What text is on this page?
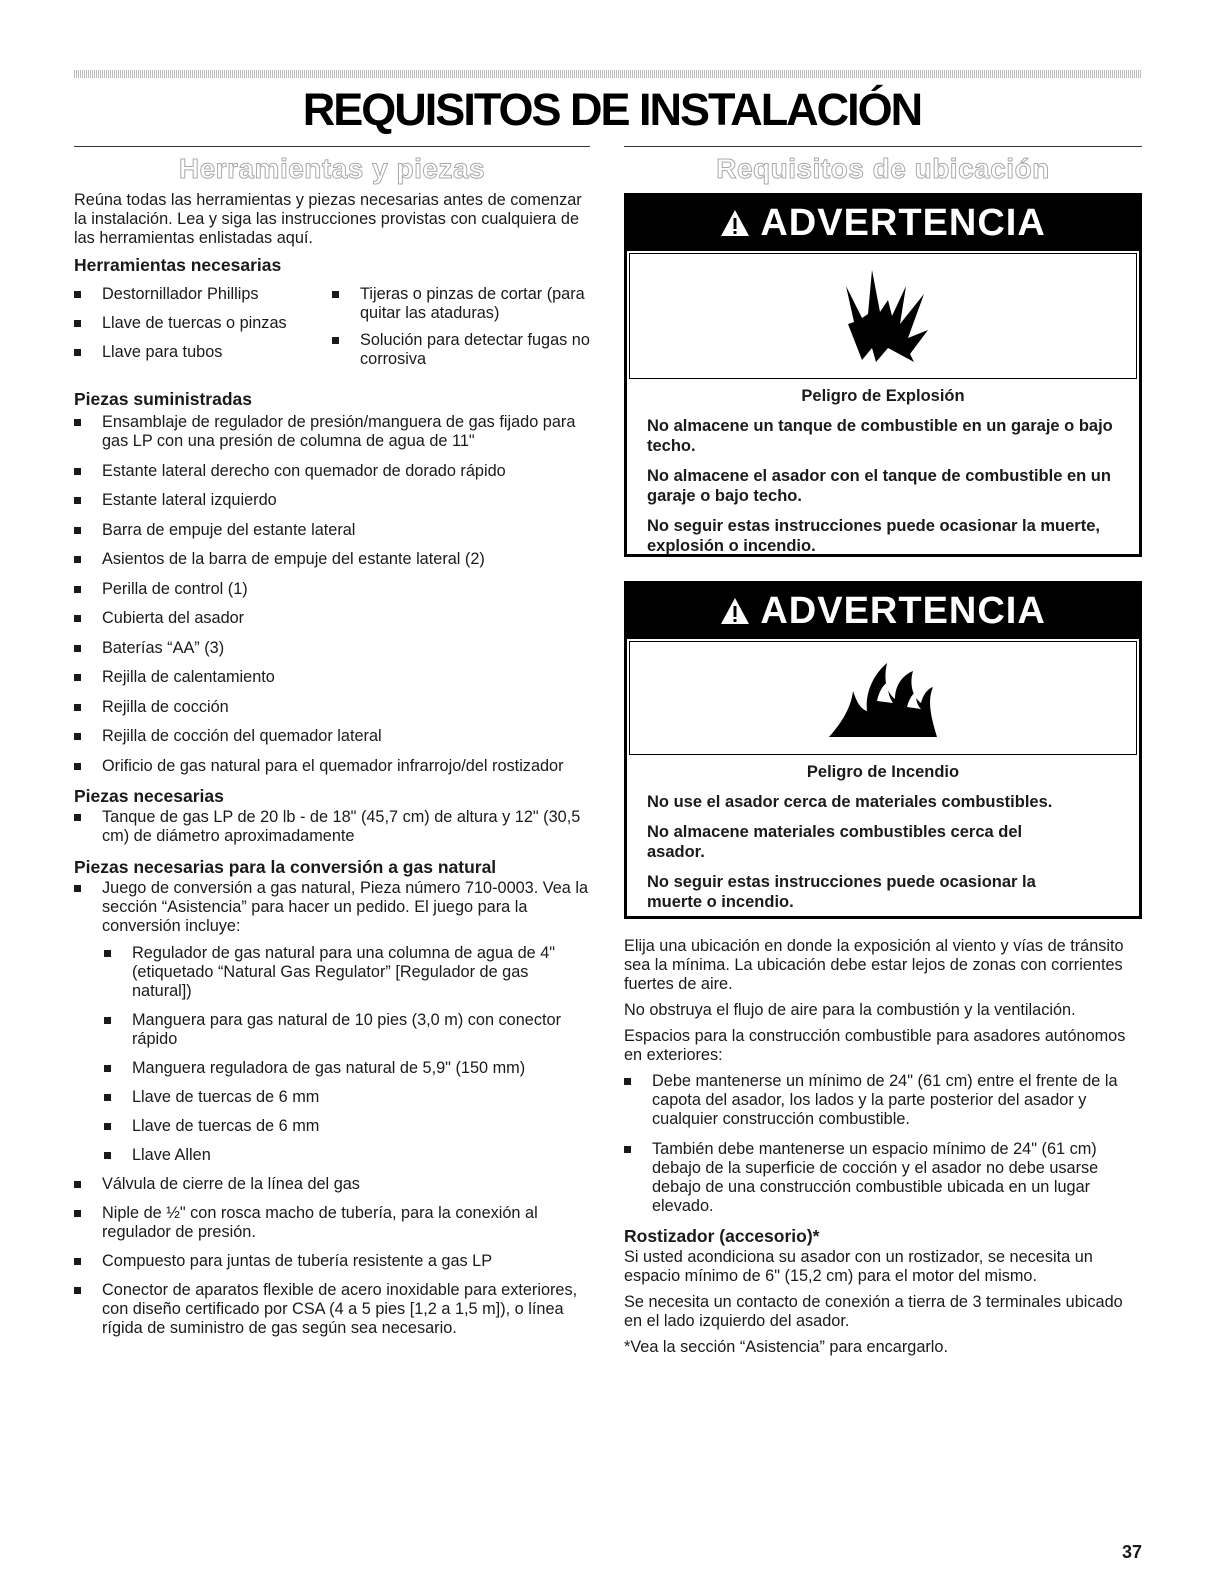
REQUISITOS DE INSTALACIÓN
Herramientas y piezas

Reúna todas las herramientas y piezas necesarias antes de comenzar la instalación. Lea y siga las instrucciones provistas con cualquiera de las herramientas enlistadas aquí.

Herramientas necesarias
Destornillador Phillips
Llave de tuercas o pinzas
Llave para tubos
Tijeras o pinzas de cortar (para quitar las ataduras)
Solución para detectar fugas no corrosiva
Piezas suministradas
Ensamblaje de regulador de presión/manguera de gas fijado para gas LP con una presión de columna de agua de 11"
Estante lateral derecho con quemador de dorado rápido
Estante lateral izquierdo
Barra de empuje del estante lateral
Asientos de la barra de empuje del estante lateral (2)
Perilla de control (1)
Cubierta del asador
Baterías “AA” (3)
Rejilla de calentamiento
Rejilla de cocción
Rejilla de cocción del quemador lateral
Orificio de gas natural para el quemador infrarrojo/del rostizador
Piezas necesarias
Tanque de gas LP de 20 lb - de 18" (45,7 cm) de altura y 12" (30,5 cm) de diámetro aproximadamente
Piezas necesarias para la conversión a gas natural
Juego de conversión a gas natural, Pieza número 710-0003. Vea la sección “Asistencia” para hacer un pedido. El juego para la conversión incluye:
Regulador de gas natural para una columna de agua de 4" (etiquetado “Natural Gas Regulator” [Regulador de gas natural])
Manguera para gas natural de 10 pies (3,0 m) con conector rápido
Manguera reguladora de gas natural de 5,9" (150 mm)
Llave de tuercas de 6 mm
Llave de tuercas de 6 mm
Llave Allen
Válvula de cierre de la línea del gas
Niple de ½" con rosca macho de tubería, para la conexión al regulador de presión.
Compuesto para juntas de tubería resistente a gas LP
Conector de aparatos flexible de acero inoxidable para exteriores, con diseño certificado por CSA (4 a 5 pies [1,2 a 1,5 m]), o línea rígida de suministro de gas según sea necesario.
Requisitos de ubicación
ADVERTENCIA
Peligro de Explosión

No almacene un tanque de combustible en un garaje o bajo techo.

No almacene el asador con el tanque de combustible en un garaje o bajo techo.

No seguir estas instrucciones puede ocasionar la muerte, explosión o incendio.

ADVERTENCIA
Peligro de Incendio

No use el asador cerca de materiales combustibles.

No almacene materiales combustibles cerca del asador.

No seguir estas instrucciones puede ocasionar la muerte o incendio.

Elija una ubicación en donde la exposición al viento y vías de tránsito sea la mínima. La ubicación debe estar lejos de zonas con corrientes fuertes de aire.

No obstruya el flujo de aire para la combustión y la ventilación.

Espacios para la construcción combustible para asadores autónomos en exteriores:

Debe mantenerse un mínimo de 24" (61 cm) entre el frente de la capota del asador, los lados y la parte posterior del asador y cualquier construcción combustible.
También debe mantenerse un espacio mínimo de 24" (61 cm) debajo de la superficie de cocción y el asador no debe usarse debajo de una construcción combustible ubicada en un lugar elevado.
Rostizador (accesorio)*

Si usted acondiciona su asador con un rostizador, se necesita un espacio mínimo de 6" (15,2 cm) para el motor del mismo.

Se necesita un contacto de conexión a tierra de 3 terminales ubicado en el lado izquierdo del asador.

*Vea la sección “Asistencia” para encargarlo.

37
